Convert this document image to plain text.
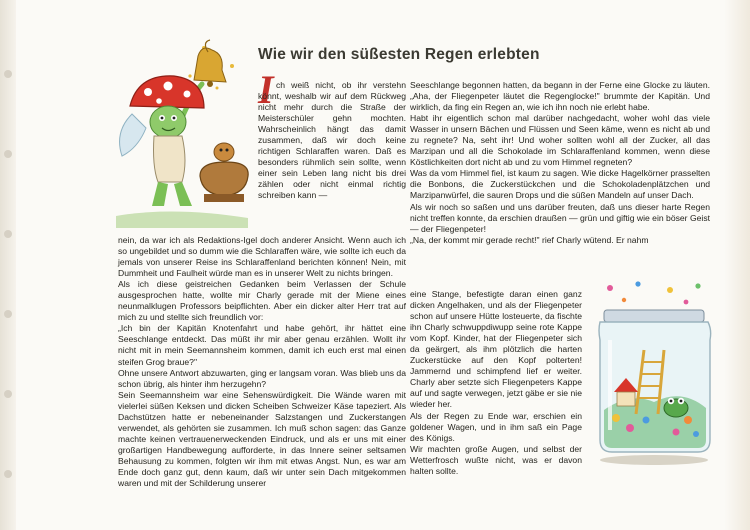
Wie wir den süßesten Regen erlebten
I ch weiß nicht, ob ihr verstehn könnt, weshalb wir auf dem Rückweg nicht mehr durch die Straße der Meisterschüler gehn mochten. Wahrscheinlich hängt das damit zusammen, daß wir doch keine richtigen Schlaraffen waren. Daß es besonders rühmlich sein sollte, wenn einer sein Leben lang nicht bis drei zählen oder nicht einmal richtig schreiben kann —
nein, da war ich als Redaktions-Igel doch anderer Ansicht. Wenn auch ich so ungebildet und so dumm wie die Schlaraffen wäre, wie sollte ich euch da jemals von unserer Reise ins Schlaraffenland berichten können! Nein, mit Dummheit und Faulheit würde man es in unserer Welt zu nichts bringen.
Als ich diese geistreichen Gedanken beim Verlassen der Schule ausgesprochen hatte, wollte mir Charly gerade mit der Miene eines neunmalklugen Professors beipflichten. Aber ein dicker alter Herr trat auf mich zu und stellte sich freundlich vor:
„Ich bin der Kapitän Knotenfahrt und habe gehört, ihr hättet eine Seeschlange entdeckt. Das müßt ihr mir aber genau erzählen. Wollt ihr nicht mit in mein Seemannsheim kommen, damit ich euch erst mal einen steifen Grog braue?"
Ohne unsere Antwort abzuwarten, ging er langsam voran. Was blieb uns da schon übrig, als hinter ihm herzugehn?
Sein Seemannsheim war eine Sehenswürdigkeit. Die Wände waren mit vielerlei süßen Keksen und dicken Scheiben Schweizer Käse tapeziert. Als Dachstützen hatte er nebeneinander Salzstangen und Zuckerstangen verwendet, als gehörten sie zusammen. Ich muß schon sagen: das Ganze machte keinen vertrauenerweckenden Eindruck, und als er uns mit einer großartigen Handbewegung aufforderte, in das Innere seiner seltsamen Behausung zu kommen, folgten wir ihm mit etwas Angst. Nun, es war am Ende doch ganz gut, denn kaum, daß wir unter sein Dach mitgekommen waren und mit der Schilderung unserer
Seeschlange begonnen hatten, da begann in der Ferne eine Glocke zu läuten. „Aha, der Fliegenpeter läutet die Regenglocke!" brummte der Kapitän. Und wirklich, da fing ein Regen an, wie ich ihn noch nie erlebt habe.
Habt ihr eigentlich schon mal darüber nachgedacht, woher wohl das viele Wasser in unsern Bächen und Flüssen und Seen käme, wenn es nicht ab und zu regnete? Na, seht ihr! Und woher sollten wohl all der Zucker, all das Marzipan und all die Schokolade im Schlaraffenland kommen, wenn diese Köstlichkeiten dort nicht ab und zu vom Himmel regneten?
Was da vom Himmel fiel, ist kaum zu sagen. Wie dicke Hagelkörner prasselten die Bonbons, die Zuckerstückchen und die Schokoladenplätzchen und Marzipanwürfel, die sauren Drops und die süßen Mandeln auf unser Dach.
Als wir noch so saßen und uns darüber freuten, daß uns dieser harte Regen nicht treffen konnte, da erschien draußen — grün und giftig wie ein böser Geist — der Fliegenpeter!
„Na, der kommt mir gerade recht!" rief Charly wütend. Er nahm
eine Stange, befestigte daran einen ganz dicken Angelhaken, und als der Fliegenpeter schon auf unsere Hütte losteuerte, da fischte ihn Charly schwuppdiwupp seine rote Kappe vom Kopf. Kinder, hat der Fliegenpeter sich da geärgert, als ihm plötzlich die harten Zuckerstücke auf den Kopf polterten! Jammernd und schimpfend lief er weiter. Charly aber setzte sich Fliegenpeters Kappe auf und sagte verwegen, jetzt gäbe er sie nie wieder her.
Als der Regen zu Ende war, erschien ein goldener Wagen, und in ihm saß ein Page des Königs.
Wir machten große Augen, und selbst der Wetterfrosch wußte nicht, was er davon halten sollte.
